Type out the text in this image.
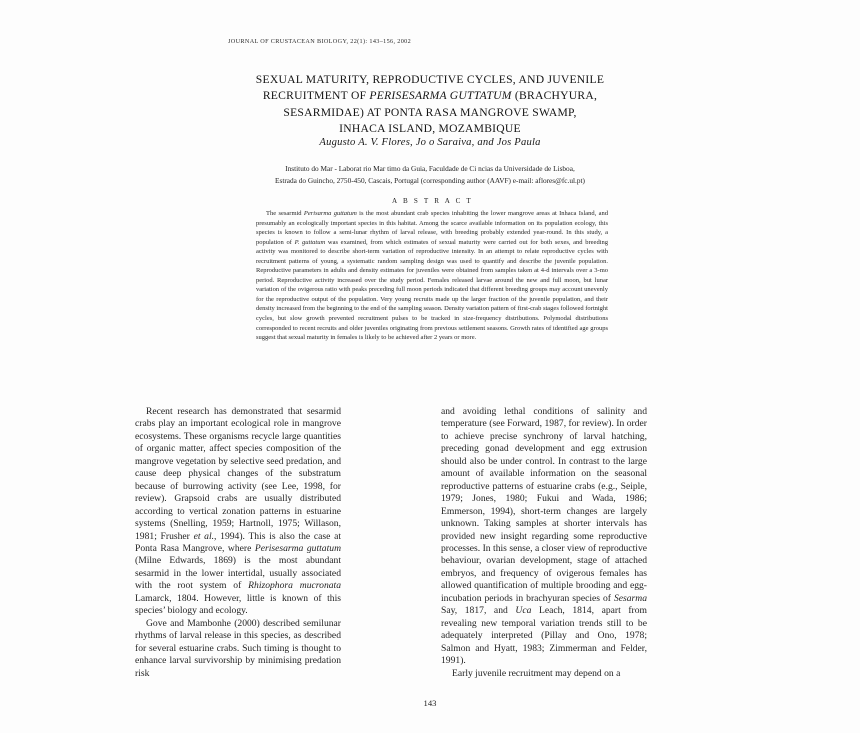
JOURNAL OF CRUSTACEAN BIOLOGY, 22(1): 143–156, 2002
SEXUAL MATURITY, REPRODUCTIVE CYCLES, AND JUVENILE
RECRUITMENT OF PERISESARMA GUTTATUM (BRACHYURA,
SESARMIDAE) AT PONTA RASA MANGROVE SWAMP,
INHACA ISLAND, MOZAMBIQUE
Augusto A. V. Flores, Jo o Saraiva, and Jos Paula
Instituto do Mar - Laborat rio Mar timo da Guia, Faculdade de Ci ncias da Universidade de Lisboa,
Estrada do Guincho, 2750-450, Cascais, Portugal (corresponding author (AAVF) e-mail: aflores@fc.ul.pt)
A B S T R A C T
The sesarmid Perisarma guttatum is the most abundant crab species inhabiting the lower mangrove areas at Inhaca Island, and presumably an ecologically important species in this habitat. Among the scarce available information on its population ecology, this species is known to follow a semi-lunar rhythm of larval release, with breeding probably extended year-round. In this study, a population of P. guttatum was examined, from which estimates of sexual maturity were carried out for both sexes, and breeding activity was monitored to describe short-term variation of reproductive intensity. In an attempt to relate reproductive cycles with recruitment patterns of young, a systematic random sampling design was used to quantify and describe the juvenile population. Reproductive parameters in adults and density estimates for juveniles were obtained from samples taken at 4-d intervals over a 3-mo period. Reproductive activity increased over the study period. Females released larvae around the new and full moon, but lunar variation of the ovigerous ratio with peaks preceding full moon periods indicated that different breeding groups may account unevenly for the reproductive output of the population. Very young recruits made up the larger fraction of the juvenile population, and their density increased from the beginning to the end of the sampling season. Density variation pattern of first-crab stages followed fortnight cycles, but slow growth prevented recruitment pulses to be tracked in size-frequency distributions. Polymodal distributions corresponded to recent recruits and older juveniles originating from previous settlement seasons. Growth rates of identified age groups suggest that sexual maturity in females is likely to be achieved after 2 years or more.

Recent research has demonstrated that sesarmid crabs play an important ecological role in mangrove ecosystems. These organisms recycle large quantities of organic matter, affect species composition of the mangrove vegetation by selective seed predation, and cause deep physical changes of the substratum because of burrowing activity (see Lee, 1998, for review). Grapsoid crabs are usually distributed according to vertical zonation patterns in estuarine systems (Snelling, 1959; Hartnoll, 1975; Willason, 1981; Frusher et al., 1994). This is also the case at Ponta Rasa Mangrove, where Perisesarma guttatum (Milne Edwards, 1869) is the most abundant sesarmid in the lower intertidal, usually associated with the root system of Rhizophora mucronata Lamarck, 1804. However, little is known of this species’ biology and ecology.

Gove and Mambonhe (2000) described semilunar rhythms of larval release in this species, as described for several estuarine crabs. Such timing is thought to enhance larval survivorship by minimising predation risk

and avoiding lethal conditions of salinity and temperature (see Forward, 1987, for review). In order to achieve precise synchrony of larval hatching, preceding gonad development and egg extrusion should also be under control. In contrast to the large amount of available information on the seasonal reproductive patterns of estuarine crabs (e.g., Seiple, 1979; Jones, 1980; Fukui and Wada, 1986; Emmerson, 1994), short-term changes are largely unknown. Taking samples at shorter intervals has provided new insight regarding some reproductive processes. In this sense, a closer view of reproductive behaviour, ovarian development, stage of attached embryos, and frequency of ovigerous females has allowed quantification of multiple brooding and egg-incubation periods in brachyuran species of Sesarma Say, 1817, and Uca Leach, 1814, apart from revealing new temporal variation trends still to be adequately interpreted (Pillay and Ono, 1978; Salmon and Hyatt, 1983; Zimmerman and Felder, 1991).

Early juvenile recruitment may depend on a

143
